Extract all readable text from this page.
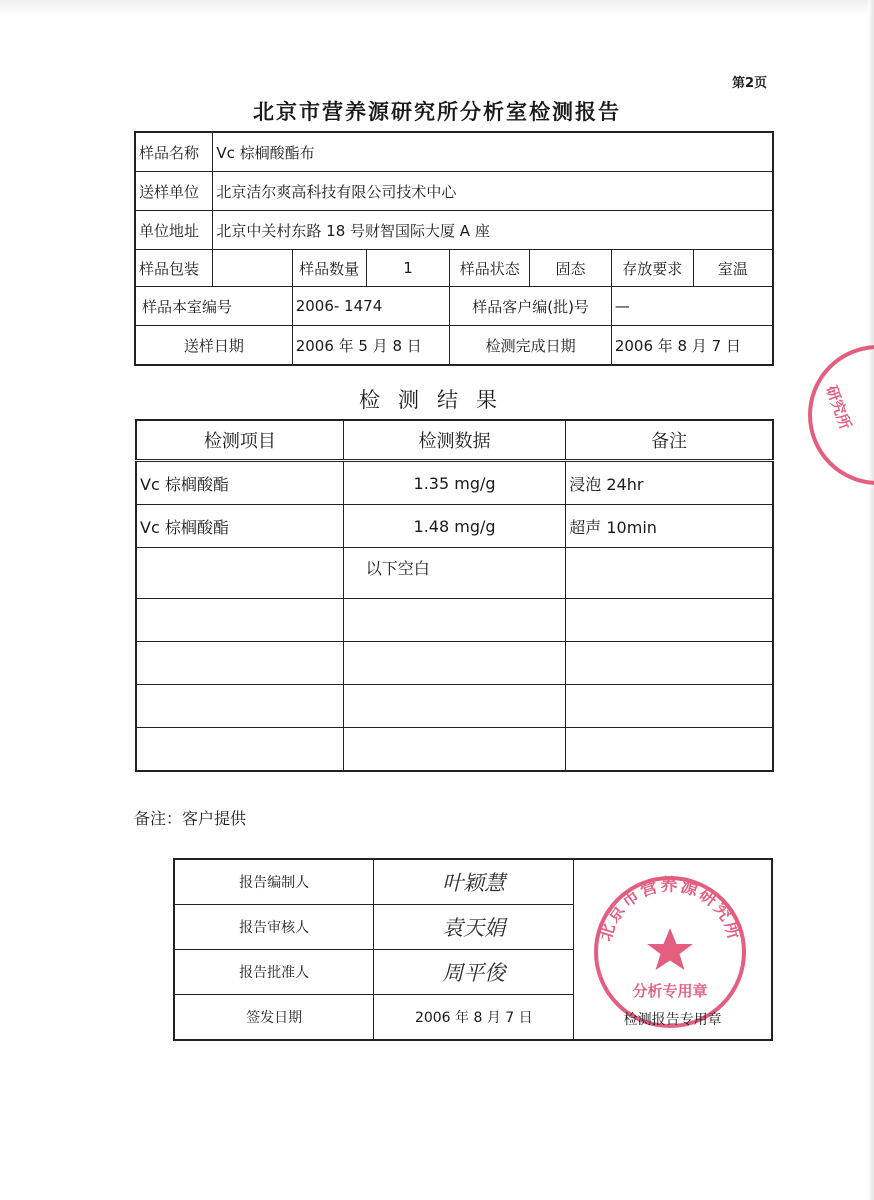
第2页
北京市营养源研究所分析室检测报告
样品名称	Vc 棕榈酸酯布						
送样单位	北京洁尔爽高科技有限公司技术中心						
单位地址	北京中关村东路 18 号财智国际大厦 A 座						
样品包装		样品数量	1	样品状态	固态	存放要求	室温
样品本室编号		2006- 1474		样品客户编(批)号		—	
送样日期		2006 年 5 月 8 日		检测完成日期		2006 年 8 月 7 日	
检测结果
检测项目	检测数据	备注
Vc 棕榈酸酯	1.35 mg/g	浸泡 24hr
Vc 棕榈酸酯	1.48 mg/g	超声 10min
	以下空白	

备注：客户提供
报告编制人	叶颖慧	北京市营养源研究所
分析专用章
检测报告专用章
报告审核人	袁天娟	
报告批准人	周平俊	
签发日期	2006 年 8 月 7 日	
研究所
